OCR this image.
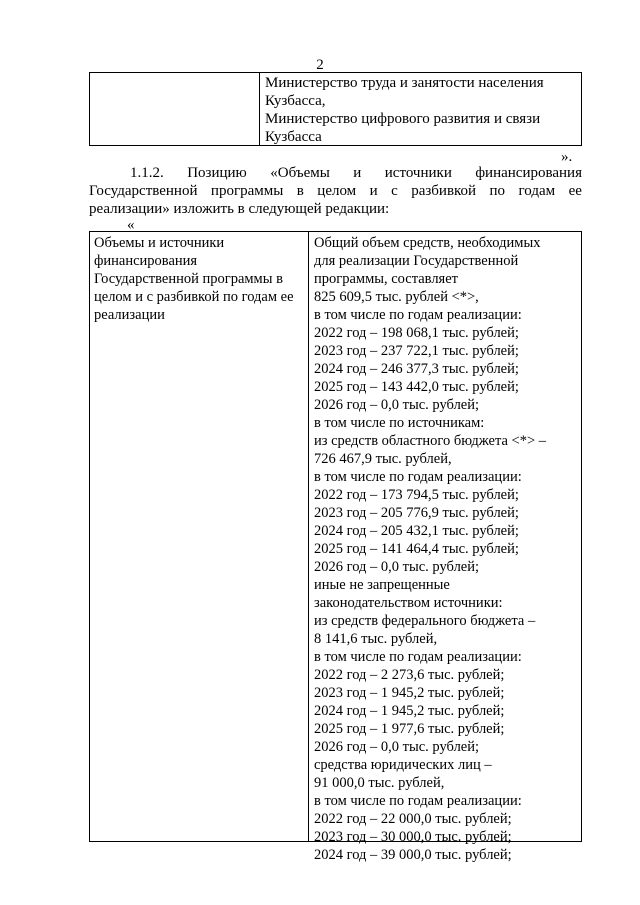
2
Министерство труда и занятости населения
Кузбасса,
Министерство цифрового развития и связи
Кузбасса
».
1.1.2. Позицию «Объемы и источники финансирования
Государственной программы в целом и с разбивкой по годам ее
реализации» изложить в следующей редакции:
«
Объемы и источники
финансирования
Государственной программы в
целом и с разбивкой по годам ее
реализации
Общий объем средств, необходимых
для реализации Государственной
программы, составляет
825 609,5 тыс. рублей <*>,
в том числе по годам реализации:
2022 год – 198 068,1 тыс. рублей;
2023 год – 237 722,1 тыс. рублей;
2024 год – 246 377,3 тыс. рублей;
2025 год – 143 442,0 тыс. рублей;
2026 год – 0,0 тыс. рублей;
в том числе по источникам:
из средств областного бюджета <*> –
726 467,9 тыс. рублей,
в том числе по годам реализации:
2022 год – 173 794,5 тыс. рублей;
2023 год – 205 776,9 тыс. рублей;
2024 год – 205 432,1 тыс. рублей;
2025 год – 141 464,4 тыс. рублей;
2026 год – 0,0 тыс. рублей;
иные не запрещенные
законодательством источники:
из средств федерального бюджета –
8 141,6 тыс. рублей,
в том числе по годам реализации:
2022 год – 2 273,6 тыс. рублей;
2023 год – 1 945,2 тыс. рублей;
2024 год – 1 945,2 тыс. рублей;
2025 год – 1 977,6 тыс. рублей;
2026 год – 0,0 тыс. рублей;
средства юридических лиц –
91 000,0 тыс. рублей,
в том числе по годам реализации:
2022 год – 22 000,0 тыс. рублей;
2023 год – 30 000,0 тыс. рублей;
2024 год – 39 000,0 тыс. рублей;
